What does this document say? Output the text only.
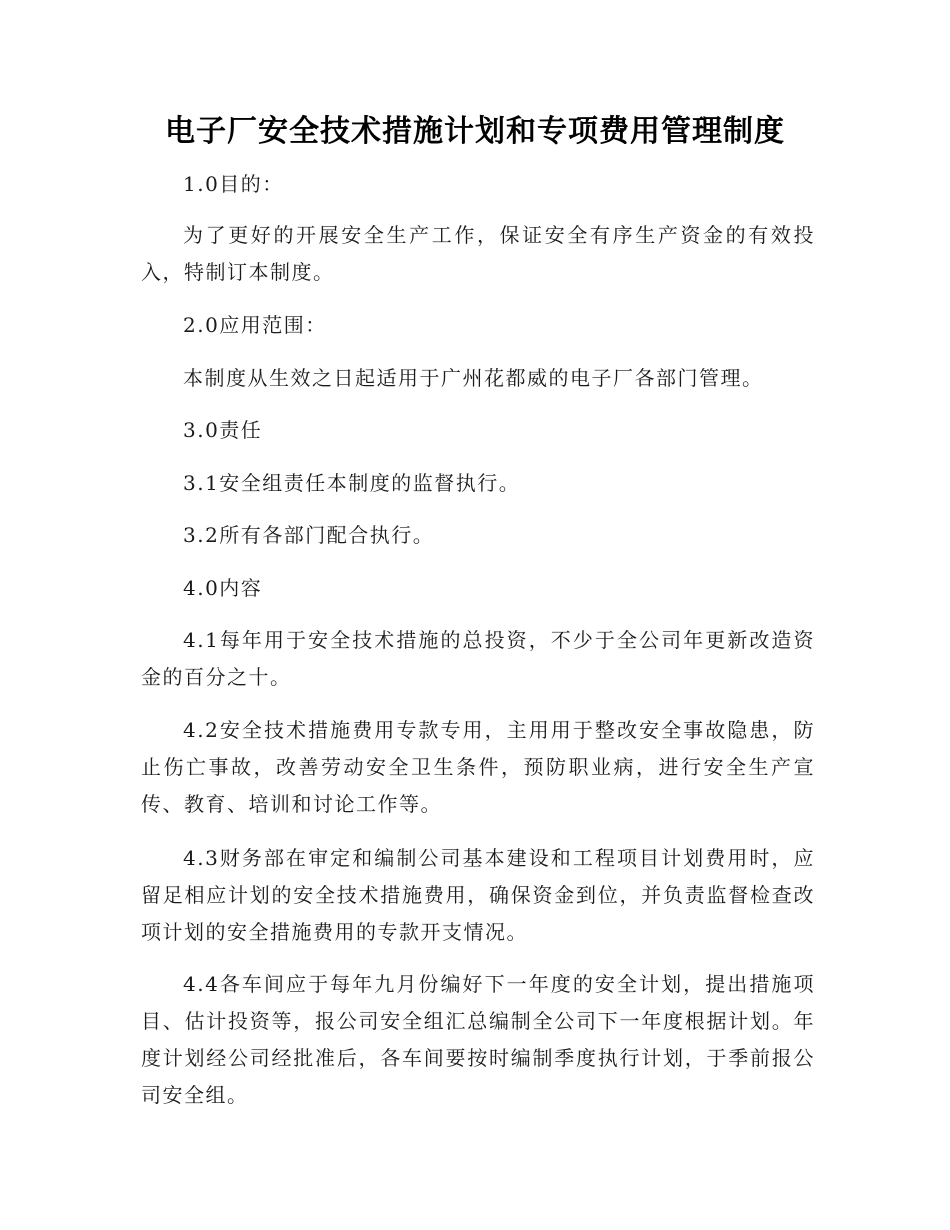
电子厂安全技术措施计划和专项费用管理制度

1.0目的：

为了更好的开展安全生产工作，保证安全有序生产资金的有效投入，特制订本制度。

2.0应用范围：

本制度从生效之日起适用于广州花都威的电子厂各部门管理。

3.0责任

3.1安全组责任本制度的监督执行。

3.2所有各部门配合执行。

4.0内容

4.1每年用于安全技术措施的总投资，不少于全公司年更新改造资金的百分之十。

4.2安全技术措施费用专款专用，主用用于整改安全事故隐患，防止伤亡事故，改善劳动安全卫生条件，预防职业病，进行安全生产宣传、教育、培训和讨论工作等。

4.3财务部在审定和编制公司基本建设和工程项目计划费用时，应留足相应计划的安全技术措施费用，确保资金到位，并负责监督检查改项计划的安全措施费用的专款开支情况。

4.4各车间应于每年九月份编好下一年度的安全计划，提出措施项目、估计投资等，报公司安全组汇总编制全公司下一年度根据计划。年度计划经公司经批准后，各车间要按时编制季度执行计划，于季前报公司安全组。
